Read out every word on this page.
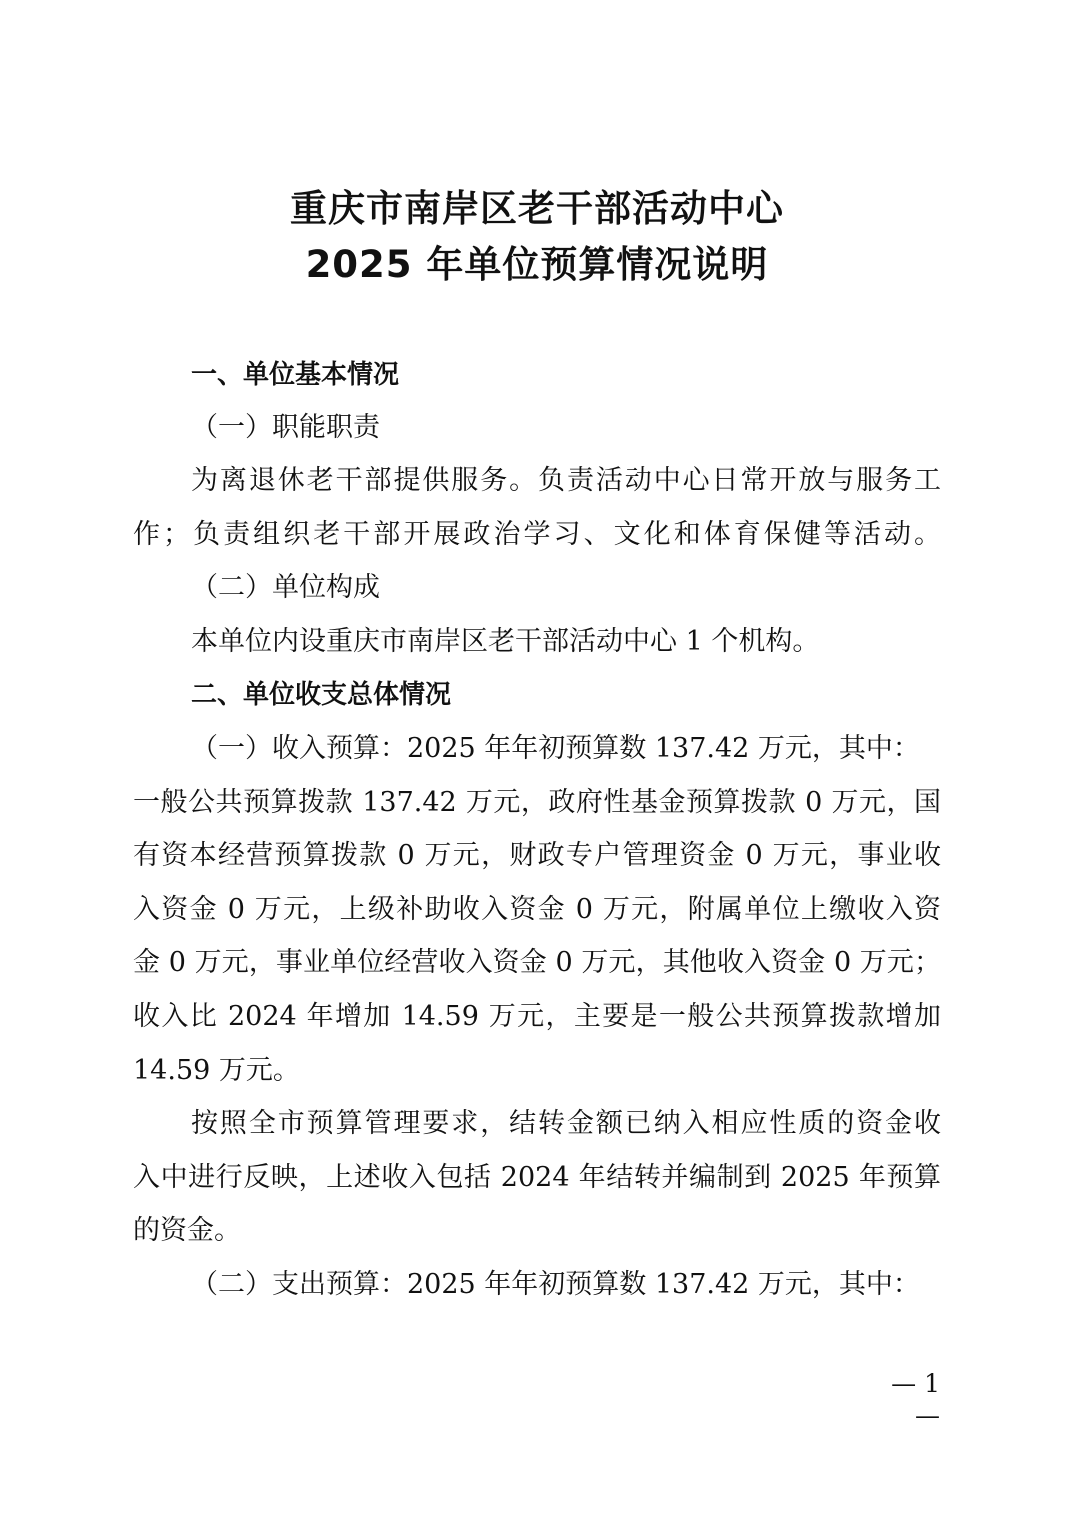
重庆市南岸区老干部活动中心
2025 年单位预算情况说明
一、单位基本情况
（一）职能职责
为离退休老干部提供服务。负责活动中心日常开放与服务工
作；负责组织老干部开展政治学习、文化和体育保健等活动。
（二）单位构成
本单位内设重庆市南岸区老干部活动中心 1 个机构。
二、单位收支总体情况
（一）收入预算：2025 年年初预算数 137.42 万元，其中：
一般公共预算拨款 137.42 万元，政府性基金预算拨款 0 万元，国
有资本经营预算拨款 0 万元，财政专户管理资金 0 万元，事业收
入资金 0 万元，上级补助收入资金 0 万元，附属单位上缴收入资
金 0 万元，事业单位经营收入资金 0 万元，其他收入资金 0 万元；
收入比 2024 年增加 14.59 万元，主要是一般公共预算拨款增加
14.59 万元。
按照全市预算管理要求，结转金额已纳入相应性质的资金收
入中进行反映，上述收入包括 2024 年结转并编制到 2025 年预算
的资金。
（二）支出预算：2025 年年初预算数 137.42 万元，其中：
— 1 —
